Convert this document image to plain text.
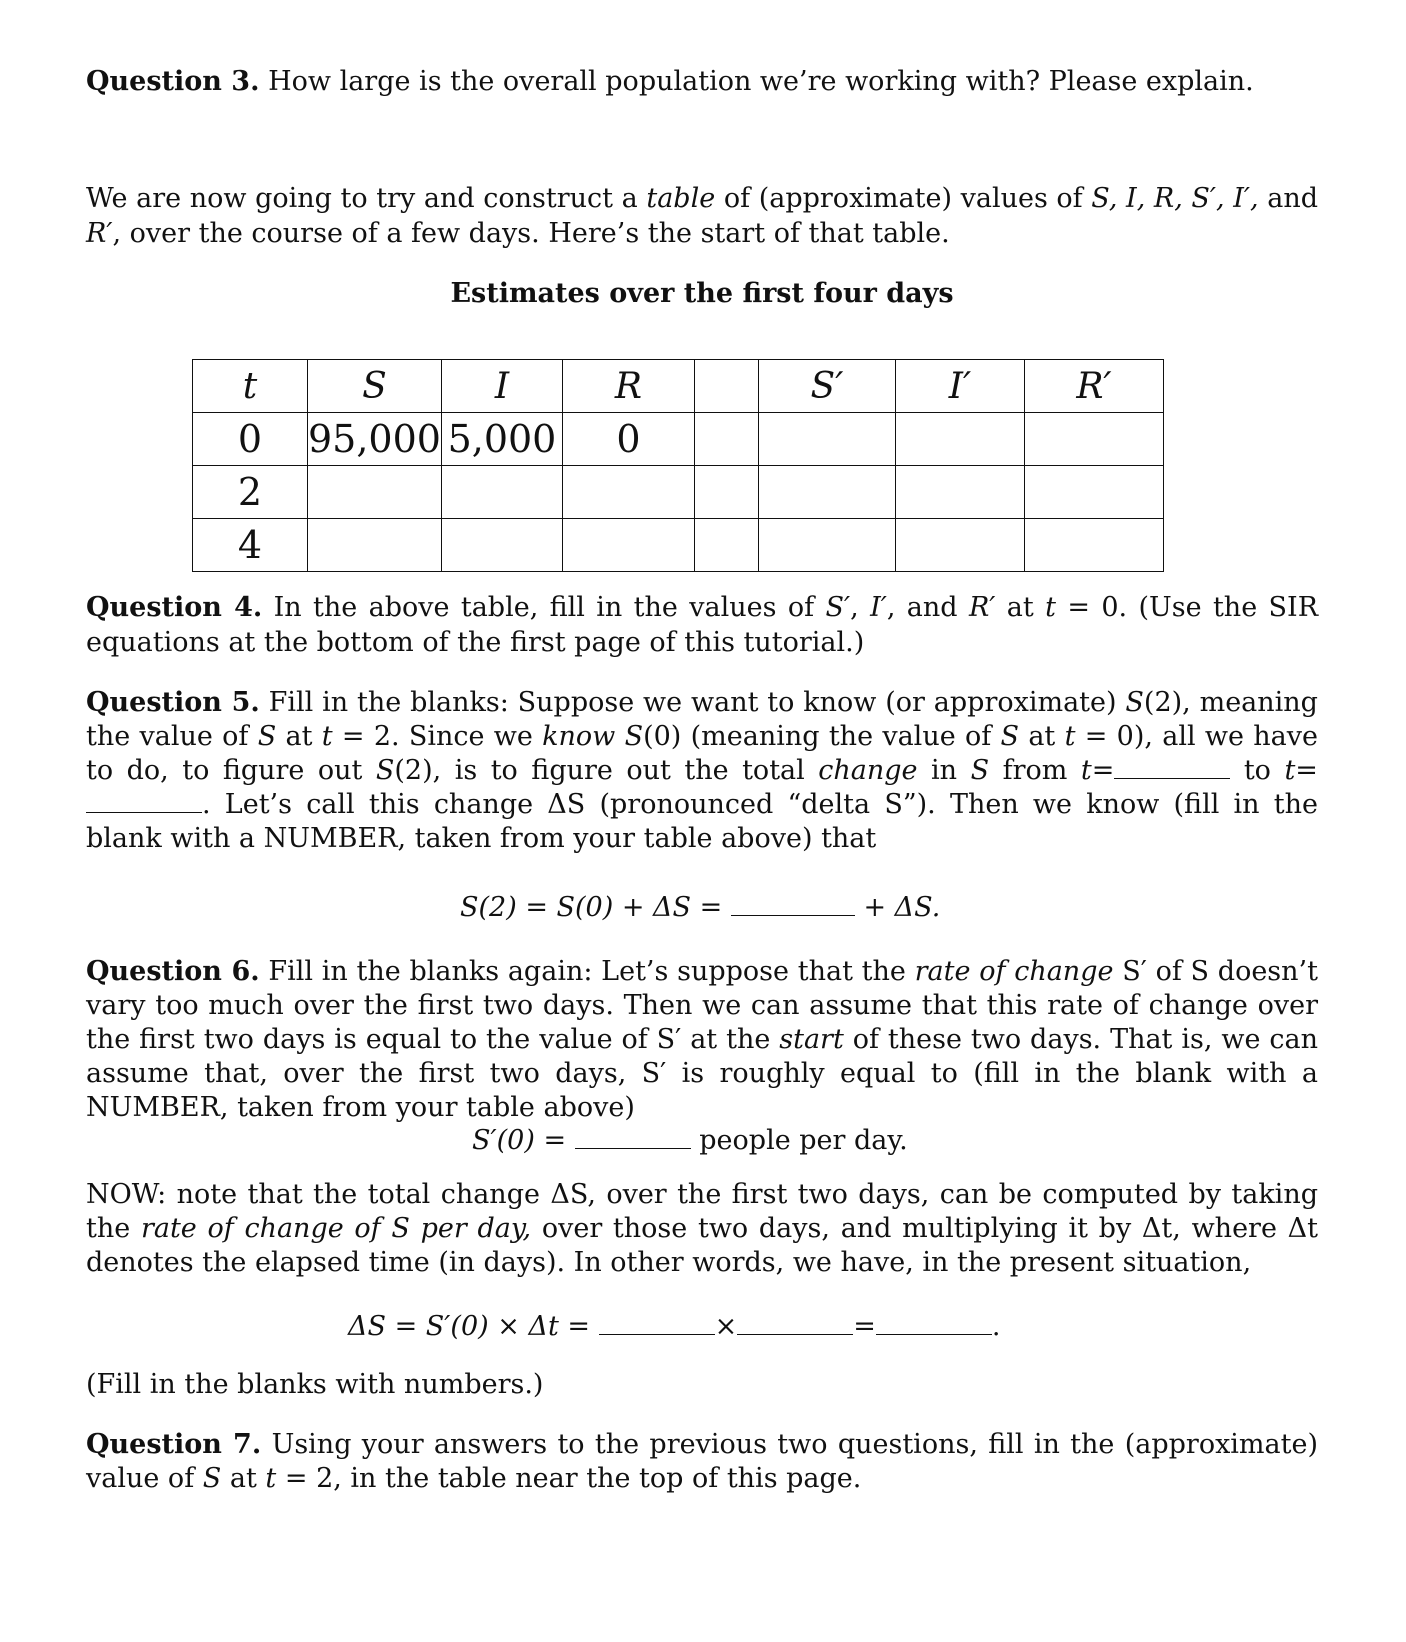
Question 3. How large is the overall population we’re working with? Please explain.

We are now going to try and construct a table of (approximate) values of S, I, R, S′, I′, and R′, over the course of a few days. Here’s the start of that table.

Estimates over the first four days

t	S	I	R		S′	I′	R′
0	95,000	5,000	0				
2							
4							

Question 4. In the above table, fill in the values of S′, I′, and R′ at t = 0. (Use the SIR equations at the bottom of the first page of this tutorial.)

Question 5. Fill in the blanks: Suppose we want to know (or approximate) S(2), meaning the value of S at t = 2. Since we know S(0) (meaning the value of S at t = 0), all we have to do, to figure out S(2), is to figure out the total change in S from t=	to t=. Let’s call this change ΔS (pronounced “delta S”). Then we know (fill in the blank with a NUMBER, taken from your table above) that

S(2) = S(0) + ΔS =	+ ΔS.

Question 6. Fill in the blanks again: Let’s suppose that the rate of change S′ of S doesn’t vary too much over the first two days. Then we can assume that this rate of change over the first two days is equal to the value of S′ at the start of these two days. That is, we can assume that, over the first two days, S′ is roughly equal to (fill in the blank with a NUMBER, taken from your table above)

S′(0) =	people per day.

NOW: note that the total change ΔS, over the first two days, can be computed by taking the rate of change of S per day, over those two days, and multiplying it by Δt, where Δt denotes the elapsed time (in days). In other words, we have, in the present situation,

ΔS = S′(0) × Δt =	×	=	.

(Fill in the blanks with numbers.)

Question 7. Using your answers to the previous two questions, fill in the (approximate) value of S at t = 2, in the table near the top of this page.
